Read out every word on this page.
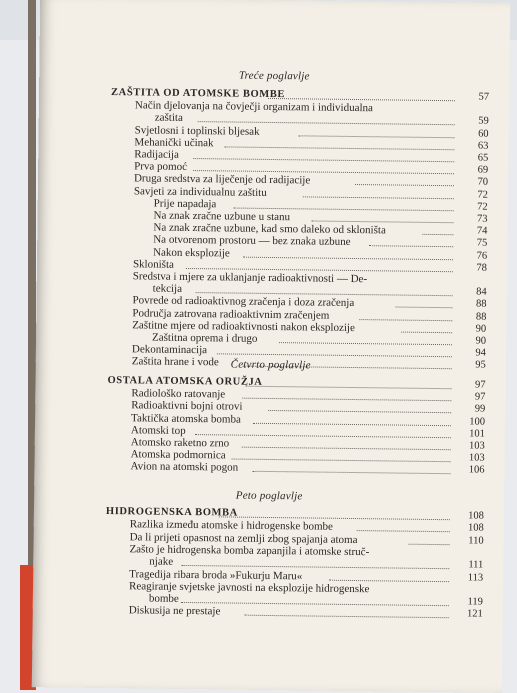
Treće poglavlje
ZAŠTITA OD ATOMSKE BOMBE	57
Način djelovanja na čovječji organizam i individualna
zaštita	59
Svjetlosni i toplinski bljesak	60
Mehanički učinak	63
Radijacija	65
Prva pomoć	69
Druga sredstva za liječenje od radijacije	70
Savjeti za individualnu zaštitu	72
Prije napadaja	72
Na znak zračne uzbune u stanu	73
Na znak zračne uzbune, kad smo daleko od skloništa	74
Na otvorenom prostoru — bez znaka uzbune	75
Nakon eksplozije	76
Skloništa	78
Sredstva i mjere za uklanjanje radioaktivnosti — De-
tekcija	84
Povrede od radioaktivnog zračenja i doza zračenja	88
Područja zatrovana radioaktivnim zračenjem	88
Zaštitne mjere od radioaktivnosti nakon eksplozije	90
Zaštitna oprema i drugo	90
Dekontaminacija	94
Zaštita hrane i vode	95
Četvrto poglavlje
OSTALA ATOMSKA ORUŽJA	97
Radiološko ratovanje	97
Radioaktivni bojni otrovi	99
Taktička atomska bomba	100
Atomski top	101
Atomsko raketno zrno	103
Atomska podmornica	103
Avion na atomski pogon	106
Peto poglavlje
HIDROGENSKA BOMBA	108
Razlika između atomske i hidrogenske bombe	108
Da li prijeti opasnost na zemlji zbog spajanja atoma	110
Zašto je hidrogenska bomba zapanjila i atomske struč-
njake	111
Tragedija ribara broda »Fukurju Maru«	113
Reagiranje svjetske javnosti na eksplozije hidrogenske
bombe	119
Diskusija ne prestaje	121
